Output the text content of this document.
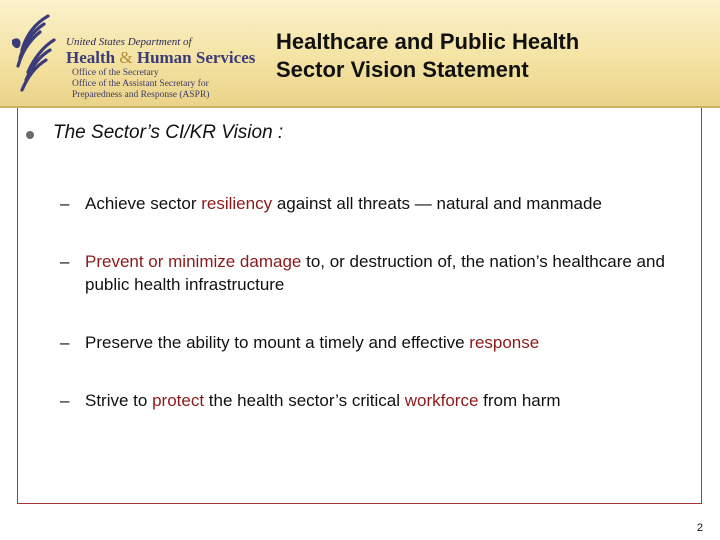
United States Department of
Health & Human Services
Office of the Secretary
Office of the Assistant Secretary for
Preparedness and Response (ASPR)
Healthcare and Public Health
Sector Vision Statement
The Sector’s CI/KR Vision :
– Achieve sector resiliency against all threats — natural and manmade
– Prevent or minimize damage to, or destruction of, the nation’s healthcare and public health infrastructure
– Preserve the ability to mount a timely and effective response
– Strive to protect the health sector’s critical workforce from harm
2
